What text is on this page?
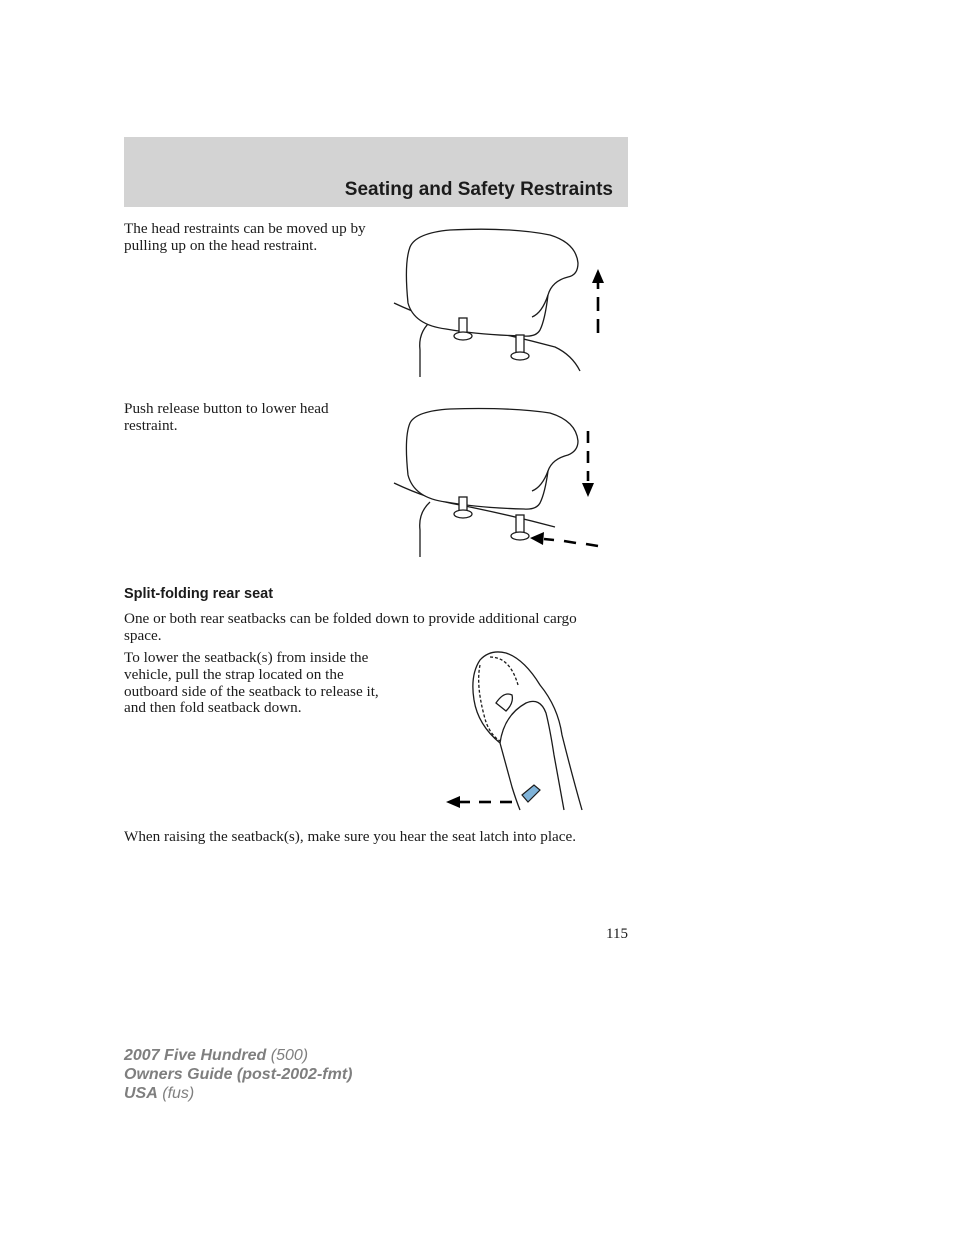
Seating and Safety Restraints

The head restraints can be moved up by pulling up on the head restraint.

Push release button to lower head restraint.

Split-folding rear seat

One or both rear seatbacks can be folded down to provide additional cargo space.

To lower the seatback(s) from inside the vehicle, pull the strap located on the outboard side of the seatback to release it, and then fold seatback down.

When raising the seatback(s), make sure you hear the seat latch into place.

115
2007 Five Hundred (500)
Owners Guide (post-2002-fmt)
USA (fus)
